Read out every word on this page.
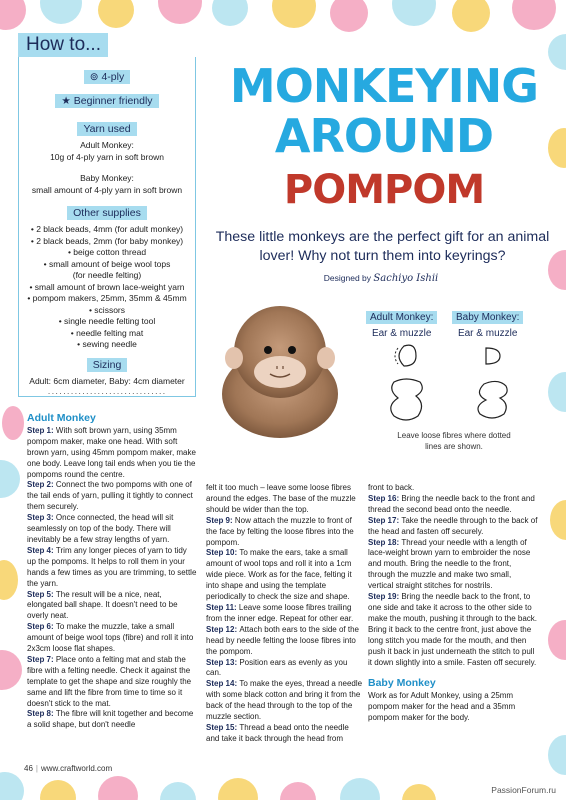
How to...
⊚ 4-ply
★ Beginner friendly
Yarn used

Adult Monkey:

10g of 4-ply yarn in soft brown

Baby Monkey:

small amount of 4-ply yarn in soft brown

Other supplies

• 2 black beads, 4mm (for adult monkey)

• 2 black beads, 2mm (for baby monkey)

• beige cotton thread

• small amount of beige wool tops

(for needle felting)

• small amount of brown lace-weight yarn

• pompom makers, 25mm, 35mm & 45mm

• scissors

• single needle felting tool

• needle felting mat

• sewing needle

Sizing

Adult: 6cm diameter, Baby: 4cm diameter

·······························

MONKEYING
AROUND
POMPOM
These little monkeys are the perfect gift for an animal lover! Why not turn them into keyrings?
Designed by Sachiyo Ishii
Adult Monkey:
Ear & muzzle
Baby Monkey:
Ear & muzzle
Leave loose fibres where dotted lines are shown.
Adult Monkey

Step 1: With soft brown yarn, using 35mm pompom maker, make one head. With soft brown yarn, using 45mm pompom maker, make one body. Leave long tail ends when you tie the pompoms round the centre.

Step 2: Connect the two pompoms with one of the tail ends of yarn, pulling it tightly to connect them securely.

Step 3: Once connected, the head will sit seamlessly on top of the body. There will inevitably be a few stray lengths of yarn.

Step 4: Trim any longer pieces of yarn to tidy up the pompoms. It helps to roll them in your hands a few times as you are trimming, to settle the yarn.

Step 5: The result will be a nice, neat, elongated ball shape. It doesn't need to be overly neat.

Step 6: To make the muzzle, take a small amount of beige wool tops (fibre) and roll it into 2x3cm loose flat shapes.

Step 7: Place onto a felting mat and stab the fibre with a felting needle. Check it against the template to get the shape and size roughly the same and lift the fibre from time to time so it doesn't stick to the mat.

Step 8: The fibre will knit together and become a solid shape, but don't needle

felt it too much – leave some loose fibres around the edges. The base of the muzzle should be wider than the top.

Step 9: Now attach the muzzle to front of the face by felting the loose fibres into the pompom.

Step 10: To make the ears, take a small amount of wool tops and roll it into a 1cm wide piece. Work as for the face, felting it into shape and using the template periodically to check the size and shape.

Step 11: Leave some loose fibres trailing from the inner edge. Repeat for other ear.

Step 12: Attach both ears to the side of the head by needle felting the loose fibres into the pompom.

Step 13: Position ears as evenly as you can.

Step 14: To make the eyes, thread a needle with some black cotton and bring it from the back of the head through to the top of the muzzle section.

Step 15: Thread a bead onto the needle and take it back through the head from

front to back.

Step 16: Bring the needle back to the front and thread the second bead onto the needle.

Step 17: Take the needle through to the back of the head and fasten off securely.

Step 18: Thread your needle with a length of lace-weight brown yarn to embroider the nose and mouth. Bring the needle to the front, through the muzzle and make two small, vertical straight stitches for nostrils.

Step 19: Bring the needle back to the front, to one side and take it across to the other side to make the mouth, pushing it through to the back. Bring it back to the centre front, just above the long stitch you made for the mouth, and then push it back in just underneath the stitch to pull it down slightly into a smile. Fasten off securely.

Baby Monkey

Work as for Adult Monkey, using a 25mm pompom maker for the head and a 35mm pompom maker for the body.

46 | www.craftworld.com
PassionForum.ru
